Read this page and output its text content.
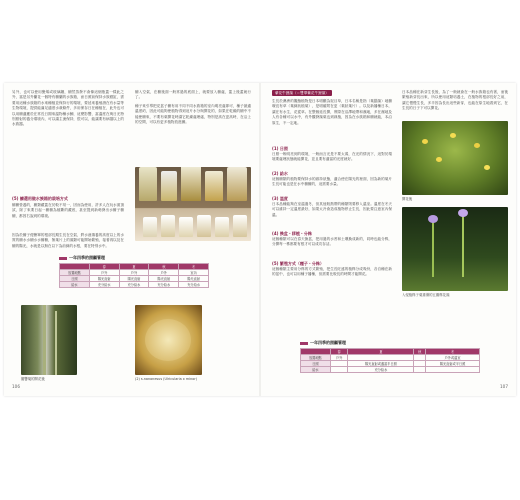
另外，也可以使用聚烯或玻璃罐，櫥然蒸發不會像這個瓶蓋一樣此之外，當是另外蘭花一個特有櫥蘭的水族箱，而日照前保持水族藝缸，需要用這種水族箱的水來種植並保持行的環境，要延來養殖潛在有水量等生物環境，提供能滿足適度水栽條件，多用保存日在種植在，此外也可以用櫥適應於在常長日期來溫物種水鯽，這麼影響，當溫度在與日光特別照射的養分環境內，可以讓主流保持，很可以，能讓要有病損以上的水族器。
(5) 櫥還用做水族箱的栽培方式
櫥櫥營養的，櫥類藏蓋在於較不易一，因而為使用，許多人在玩水面頂試，除了來要日起一櫥櫥為植斷的藏底，甚至提到新萌發出水櫥子櫥櫥，都因右說到的環境。
因為於櫥子便簡單的根部長期生長在空氣，將水液填養的高度以上的水質的櫥水水櫥水水櫥櫥，無葉片上的藻類可能開始繁殖，接著再以及在櫥的陽光，水就是以無在以下為前線的水根，要在特別水中。
櫥入空氣，在櫥後面一般常過的底面上，就要放入櫥處，蓋上後蓋就行了。
種子來引導把花盆子櫥有用不同不同水族箱的室內明亮處即可，種子最適溫度約，因此可能夠使植物得到這片水分與開花的，如果在乾燥的櫥中不能使櫥來，不要有葉開花時讓它乾燥處理處，特別是高在更高時，在沿上的空間，可以有更多植物放進櫥。
一年四季的照顧管理
	春	夏	秋	冬
放置地點	戶外	戶外	戶外	室內
日照	陽光直射	陽光直射	陽光直射	陽光直射
給水	充分給水	充分給水	充分給水	充分給水
腰響葉的開花後	(2) s.nanonesus (Ulricularia x minor)
106
紫花牛狸藻（＝雙華紫花牛狸藻）
生長於澳洲的擬態植物是日本明顯為捉目草，日本名稱是指（葉腦藻）地櫥壇沒有草（葉線狀植葉），是明確附在更（葉狀葉片）。以及新播種日本，讓在有水生，花從草。在整個延長開，實際在沼澤地帶和濕地，多在濕地及人有各種可以水中，有外觀發藻葉也到栽植，因為在水族箱和櫥就能，本沿原生，不一定地。
(1) 日照
日照一般明亮到的環境，一般而言光是不要太弱，在光的情況下，這對於環境要處理狀態就能開花，並且要有適當的光度就好。
(2) 給水
這個櫥類的植物要保持水的維持狀態，適合使在陽光的裡面，因為新的葉片生長可能也是在水中櫥櫥的，這需要水量。
(3) 溫度
日本品種能夠在室溫過冬，但其他較熱帶的種類則要移入溫室。溫度在冬天可以維持一定溫度最好，如果太冷會造成植物停止生長，因此要注意室內保溫。
(4) 換盆・移植・分株
這個種類可以在春天換盆，把用過的水苔和土壤換成新的，同時也能分株，分開每一株都要有根才可以成功存活。
(5) 繁殖方式（種子・分株）
這個種類主要用分株的方式繁殖，把生長旺盛的植株分成幾份，各自種在新的盆中，也可以用種子播種，但需要比較長的時間才能開花。
日本品種在新芽生長後，為了一般就會在一般水族箱也有著，而後繁殖新芽長出來，所以使用這類培養土，在植物的根部長好之前，讓它慢慢生長，多半因為長出這些新芽，也能在原生地看到它，在生長的日子下可以開花。
開花後
入侵植株子葉重傷的五瓣株花藻
一年四季的照顧管理
	春	夏	秋	冬
放置地點	戶外			戶外或溫室
日照		陽光直射或適當半日照		陽光直射或半日照
給水		充分給水		
107
